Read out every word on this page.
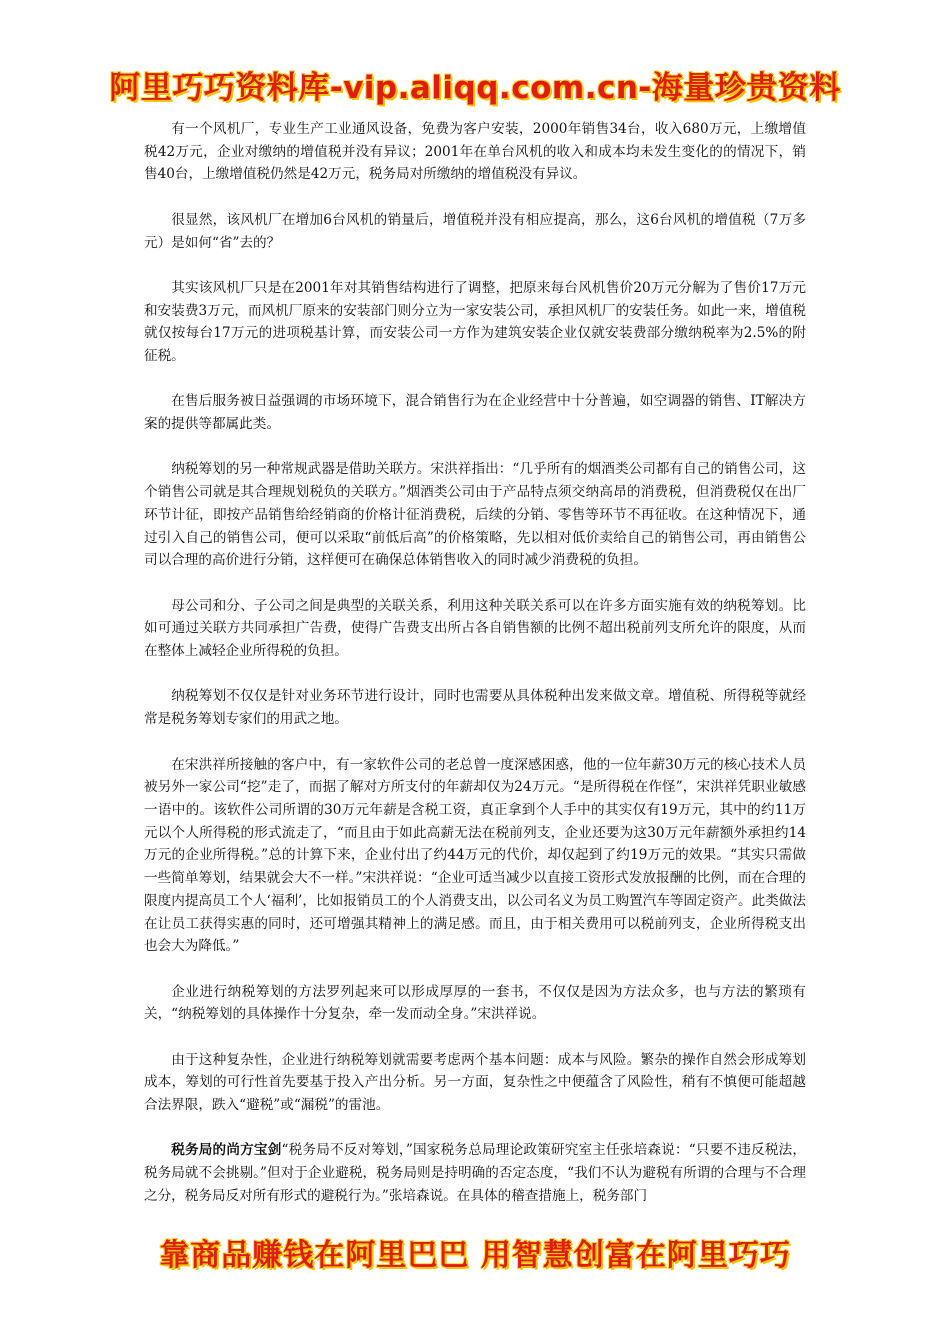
阿里巧巧资料库-vip.aliqq.com.cn-海量珍贵资料

有一个风机厂，专业生产工业通风设备，免费为客户安装，2000年销售34台，收入680万元，上缴增值税42万元，企业对缴纳的增值税并没有异议；2001年在单台风机的收入和成本均未发生变化的的情况下，销售40台，上缴增值税仍然是42万元，税务局对所缴纳的增值税没有异议。

很显然，该风机厂在增加6台风机的销量后，增值税并没有相应提高，那么，这6台风机的增值税（7万多元）是如何“省”去的？

其实该风机厂只是在2001年对其销售结构进行了调整，把原来每台风机售价20万元分解为了售价17万元和安装费3万元，而风机厂原来的安装部门则分立为一家安装公司，承担风机厂的安装任务。如此一来，增值税就仅按每台17万元的进项税基计算，而安装公司一方作为建筑安装企业仅就安装费部分缴纳税率为2.5%的附征税。

在售后服务被日益强调的市场环境下，混合销售行为在企业经营中十分普遍，如空调器的销售、IT解决方案的提供等都属此类。

纳税筹划的另一种常规武器是借助关联方。宋洪祥指出：“几乎所有的烟酒类公司都有自己的销售公司，这个销售公司就是其合理规划税负的关联方。”烟酒类公司由于产品特点须交纳高昂的消费税，但消费税仅在出厂环节计征，即按产品销售给经销商的价格计征消费税，后续的分销、零售等环节不再征收。在这种情况下，通过引入自己的销售公司，便可以采取“前低后高”的价格策略，先以相对低价卖给自己的销售公司，再由销售公司以合理的高价进行分销，这样便可在确保总体销售收入的同时减少消费税的负担。

母公司和分、子公司之间是典型的关联关系，利用这种关联关系可以在许多方面实施有效的纳税筹划。比如可通过关联方共同承担广告费，使得广告费支出所占各自销售额的比例不超出税前列支所允许的限度，从而在整体上减轻企业所得税的负担。

纳税筹划不仅仅是针对业务环节进行设计，同时也需要从具体税种出发来做文章。增值税、所得税等就经常是税务筹划专家们的用武之地。

在宋洪祥所接触的客户中，有一家软件公司的老总曾一度深感困惑，他的一位年薪30万元的核心技术人员被另外一家公司“挖”走了，而据了解对方所支付的年薪却仅为24万元。“是所得税在作怪”，宋洪祥凭职业敏感一语中的。该软件公司所谓的30万元年薪是含税工资，真正拿到个人手中的其实仅有19万元，其中的约11万元以个人所得税的形式流走了，“而且由于如此高薪无法在税前列支，企业还要为这30万元年薪额外承担约14万元的企业所得税。”总的计算下来，企业付出了约44万元的代价，却仅起到了约19万元的效果。“其实只需做一些简单筹划，结果就会大不一样。”宋洪祥说：“企业可适当减少以直接工资形式发放报酬的比例，而在合理的限度内提高员工个人‘福利’，比如报销员工的个人消费支出，以公司名义为员工购置汽车等固定资产。此类做法在让员工获得实惠的同时，还可增强其精神上的满足感。而且，由于相关费用可以税前列支，企业所得税支出也会大为降低。”

企业进行纳税筹划的方法罗列起来可以形成厚厚的一套书，不仅仅是因为方法众多，也与方法的繁琐有关，“纳税筹划的具体操作十分复杂，牵一发而动全身。”宋洪祥说。

由于这种复杂性，企业进行纳税筹划就需要考虑两个基本问题：成本与风险。繁杂的操作自然会形成筹划成本，筹划的可行性首先要基于投入产出分析。另一方面，复杂性之中便蕴含了风险性，稍有不慎便可能超越合法界限，跌入“避税”或“漏税”的雷池。

税务局的尚方宝剑“税务局不反对筹划，”国家税务总局理论政策研究室主任张培森说：“只要不违反税法，税务局就不会挑剔。”但对于企业避税，税务局则是持明确的否定态度，“我们不认为避税有所谓的合理与不合理之分，税务局反对所有形式的避税行为。”张培森说。在具体的稽查措施上，税务部门

靠商品赚钱在阿里巴巴 用智慧创富在阿里巧巧
